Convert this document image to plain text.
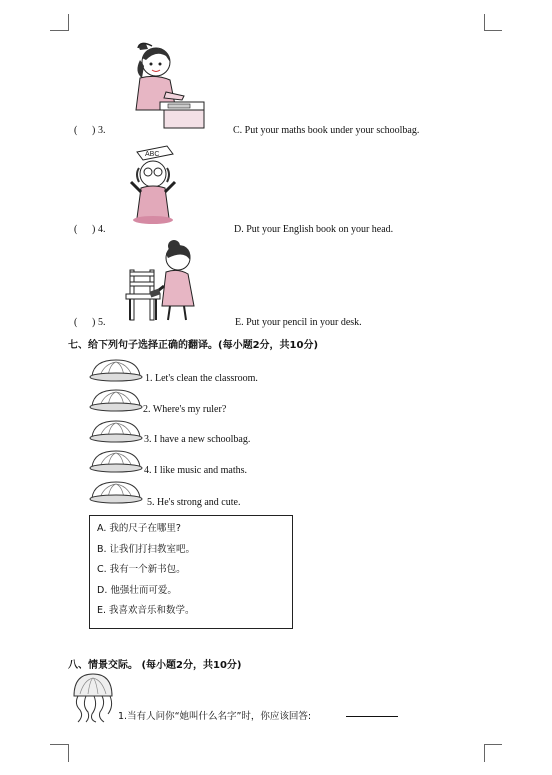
ABC
( ) 3.	C. Put your maths book under your schoolbag.
( ) 4.	D. Put your English book on your head.
( ) 5.	E. Put your pencil in your desk.
七、给下列句子选择正确的翻译。(每小题2分，共10分)
1. Let's clean the classroom.
2. Where's my ruler?
3. I have a new schoolbag.
4. I like music and maths.
5. He's strong and cute.
A. 我的尺子在哪里?
B. 让我们打扫教室吧。
C. 我有一个新书包。
D. 他强壮而可爱。
E. 我喜欢音乐和数学。
八、情景交际。 (每小题2分，共10分)
1.当有人问你“她叫什么名字”时，你应该回答:
